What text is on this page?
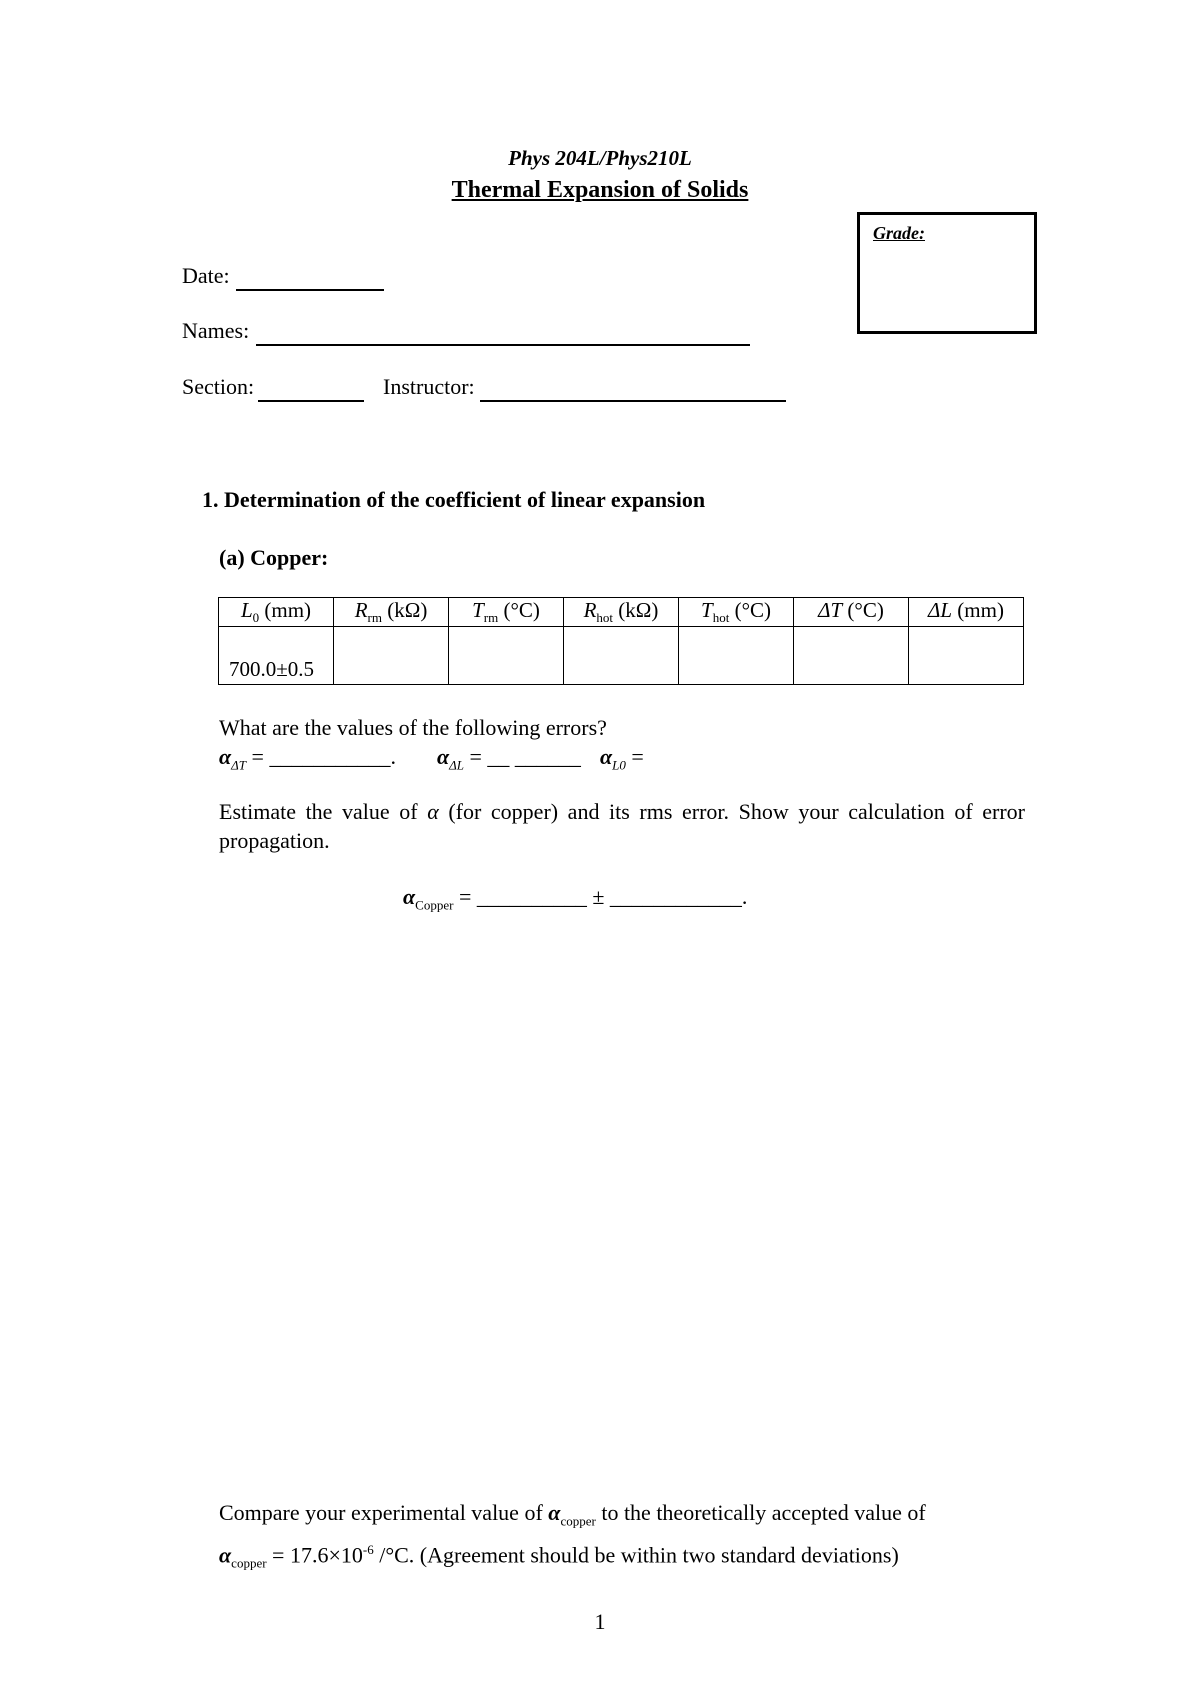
Phys 204L/Phys210L
Thermal Expansion of Solids
Grade:
Date:
Names:
Section:	Instructor:
1. Determination of the coefficient of linear expansion
(a) Copper:
$L_0$ (mm)	$R_{rm}$ (kΩ)	$T_{rm}$ (°C)	$R_{hot}$ (kΩ)	$T_{hot}$ (°C)	ΔT (°C)	ΔL (mm)
700.0±0.5						
What are the values of the following errors?
$\alpha_{\Delta T}$ = ___________. $\alpha_{\Delta L}$ = __ ______ $\alpha_{L0}$ =
Estimate the value of α (for copper) and its rms error. Show your calculation of error propagation.
$\alpha_{Copper}$ = __________ ± ____________.
Compare your experimental value of $\alpha_{copper}$ to the theoretically accepted value of
$\alpha_{copper} = 17.6\times 10^{-6}$ /°C. (Agreement should be within two standard deviations)
1
